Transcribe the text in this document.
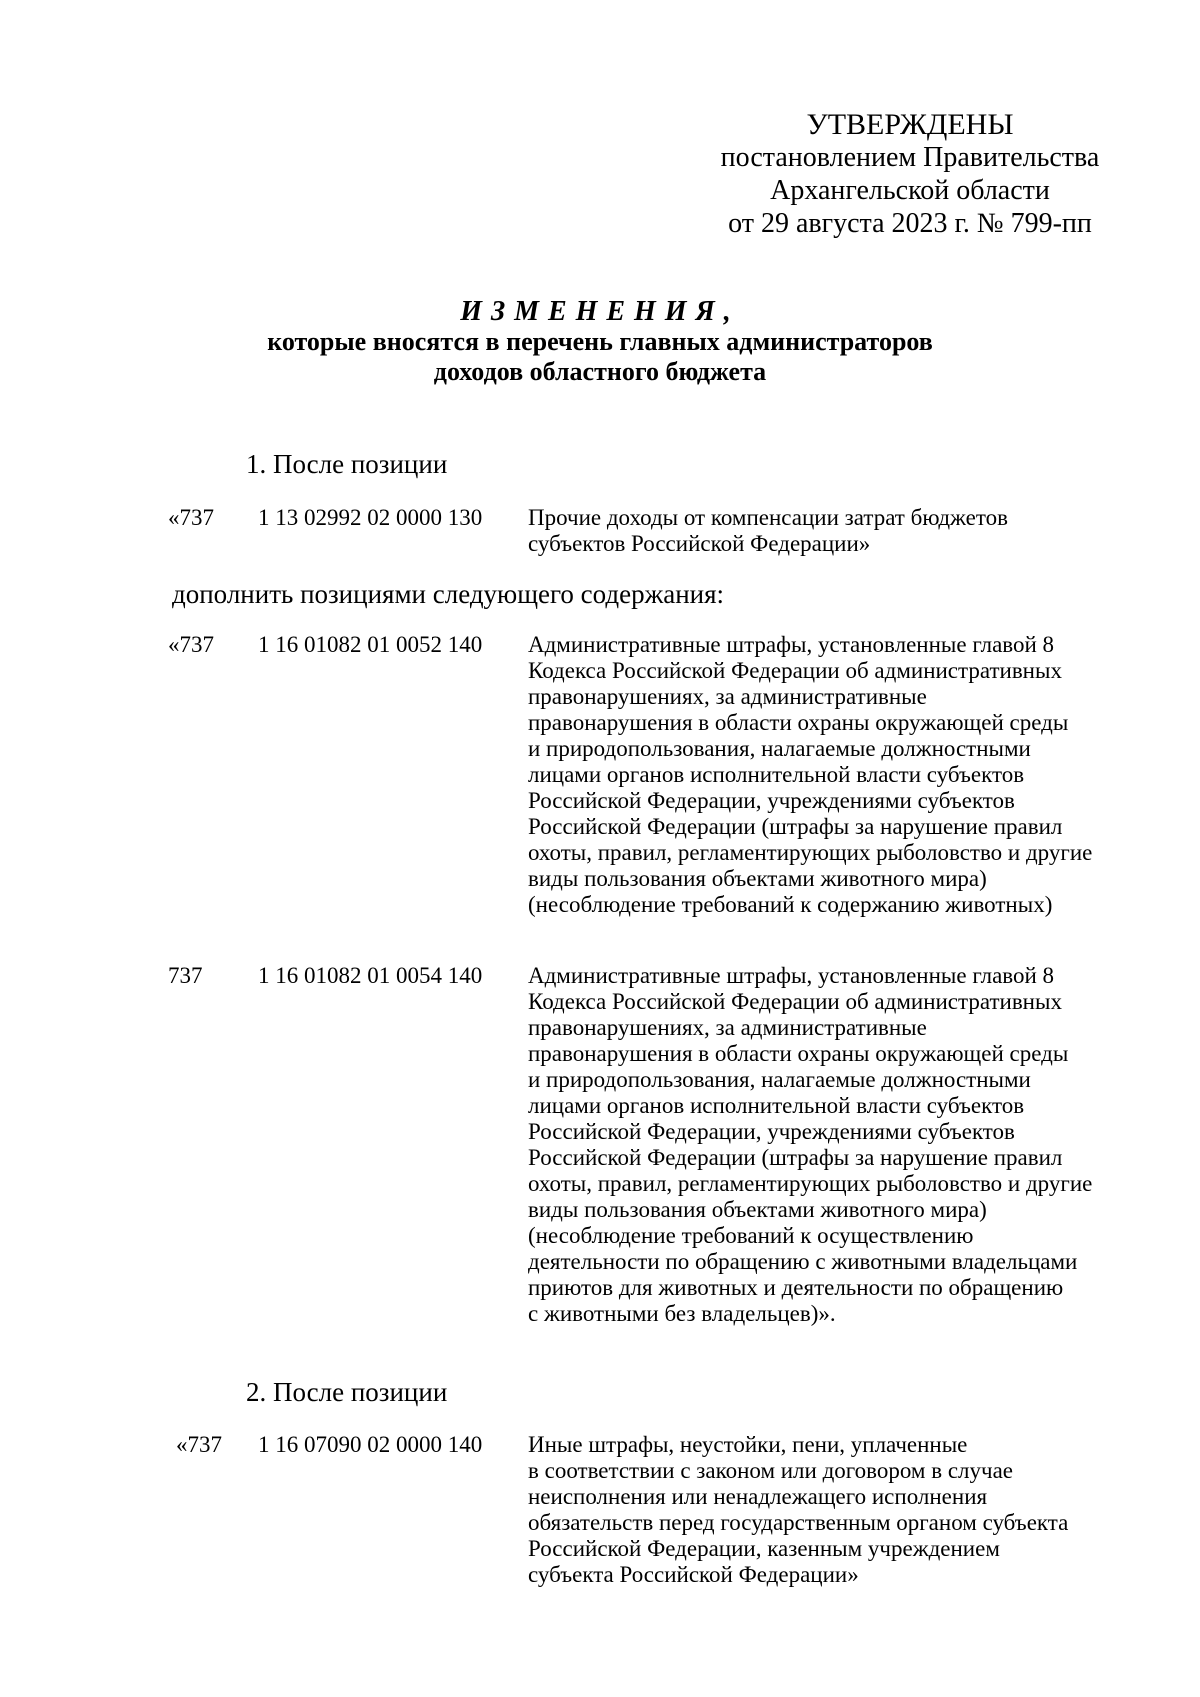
УТВЕРЖДЕНЫ
постановлением Правительства
Архангельской области
от 29 августа 2023 г. № 799-пп
ИЗМЕНЕНИЯ,
которые вносятся в перечень главных администраторов
доходов областного бюджета
1. После позиции
«737 1 13 02992 02 0000 130 Прочие доходы от компенсации затрат бюджетов
субъектов Российской Федерации»
дополнить позициями следующего содержания:
«737 1 16 01082 01 0052 140 Административные штрафы, установленные главой 8
Кодекса Российской Федерации об административных
правонарушениях, за административные
правонарушения в области охраны окружающей среды
и природопользования, налагаемые должностными
лицами органов исполнительной власти субъектов
Российской Федерации, учреждениями субъектов
Российской Федерации (штрафы за нарушение правил
охоты, правил, регламентирующих рыболовство и другие
виды пользования объектами животного мира)
(несоблюдение требований к содержанию животных)
737 1 16 01082 01 0054 140 Административные штрафы, установленные главой 8
Кодекса Российской Федерации об административных
правонарушениях, за административные
правонарушения в области охраны окружающей среды
и природопользования, налагаемые должностными
лицами органов исполнительной власти субъектов
Российской Федерации, учреждениями субъектов
Российской Федерации (штрафы за нарушение правил
охоты, правил, регламентирующих рыболовство и другие
виды пользования объектами животного мира)
(несоблюдение требований к осуществлению
деятельности по обращению с животными владельцами
приютов для животных и деятельности по обращению
с животными без владельцев)».
2. После позиции
«737 1 16 07090 02 0000 140 Иные штрафы, неустойки, пени, уплаченные
в соответствии с законом или договором в случае
неисполнения или ненадлежащего исполнения
обязательств перед государственным органом субъекта
Российской Федерации, казенным учреждением
субъекта Российской Федерации»
